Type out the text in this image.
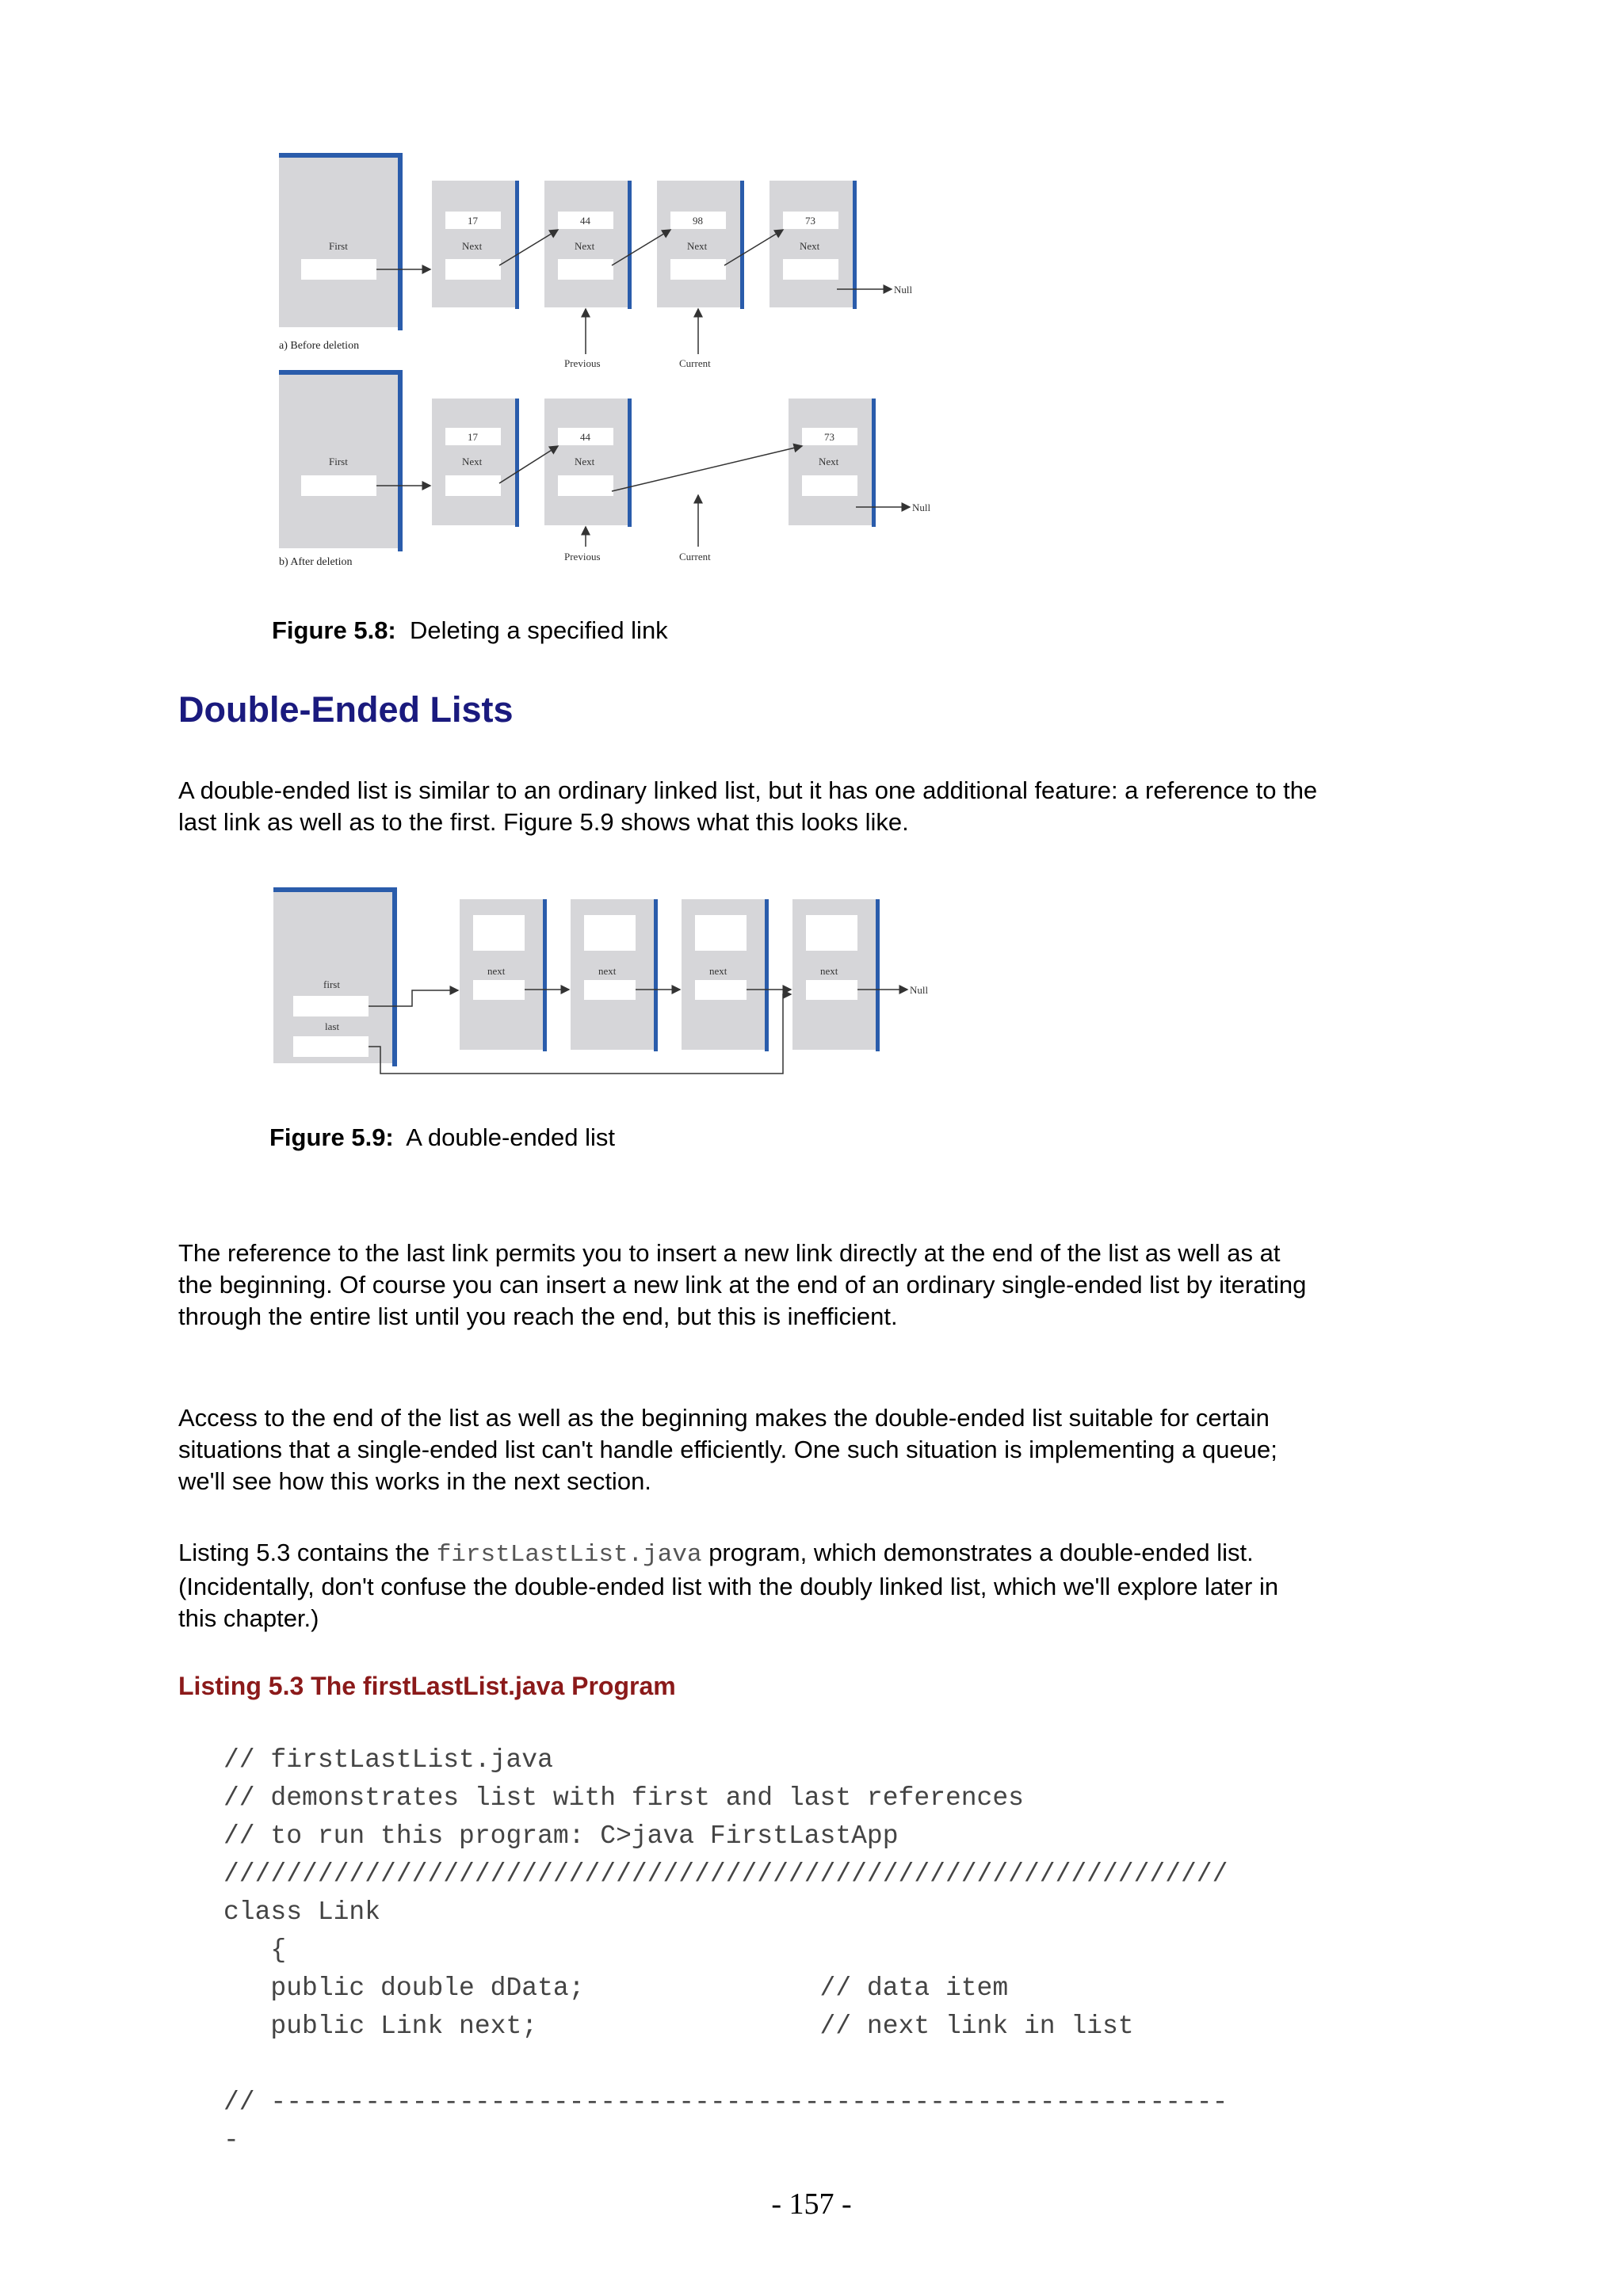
First
17
Next
44
Next
98
Next
73
Next
Null
Previous	Current
a) Before deletion
First
17
Next
44
Next
73
Next
Null
Previous	Current
b) After deletion
Figure 5.8: Deleting a specified link
Double-Ended Lists

A double-ended list is similar to an ordinary linked list, but it has one additional feature: a reference to the last link as well as to the first. Figure 5.9 shows what this looks like.

first
last
next	next	next	next
Null
Figure 5.9: A double-ended list

The reference to the last link permits you to insert a new link directly at the end of the list as well as at the beginning. Of course you can insert a new link at the end of an ordinary single-ended list by iterating through the entire list until you reach the end, but this is inefficient.

Access to the end of the list as well as the beginning makes the double-ended list suitable for certain situations that a single-ended list can't handle efficiently. One such situation is implementing a queue; we'll see how this works in the next section.

Listing 5.3 contains the firstLastList.java program, which demonstrates a double-ended list. (Incidentally, don't confuse the double-ended list with the doubly linked list, which we'll explore later in this chapter.)

Listing 5.3 The firstLastList.java Program

// firstLastList.java
// demonstrates list with first and last references
// to run this program: C>java FirstLastApp
////////////////////////////////////////////////////////////////
class Link
{
public double dData;               // data item
public Link next;                  // next link in list

// -------------------------------------------------------------
-
- 157 -
